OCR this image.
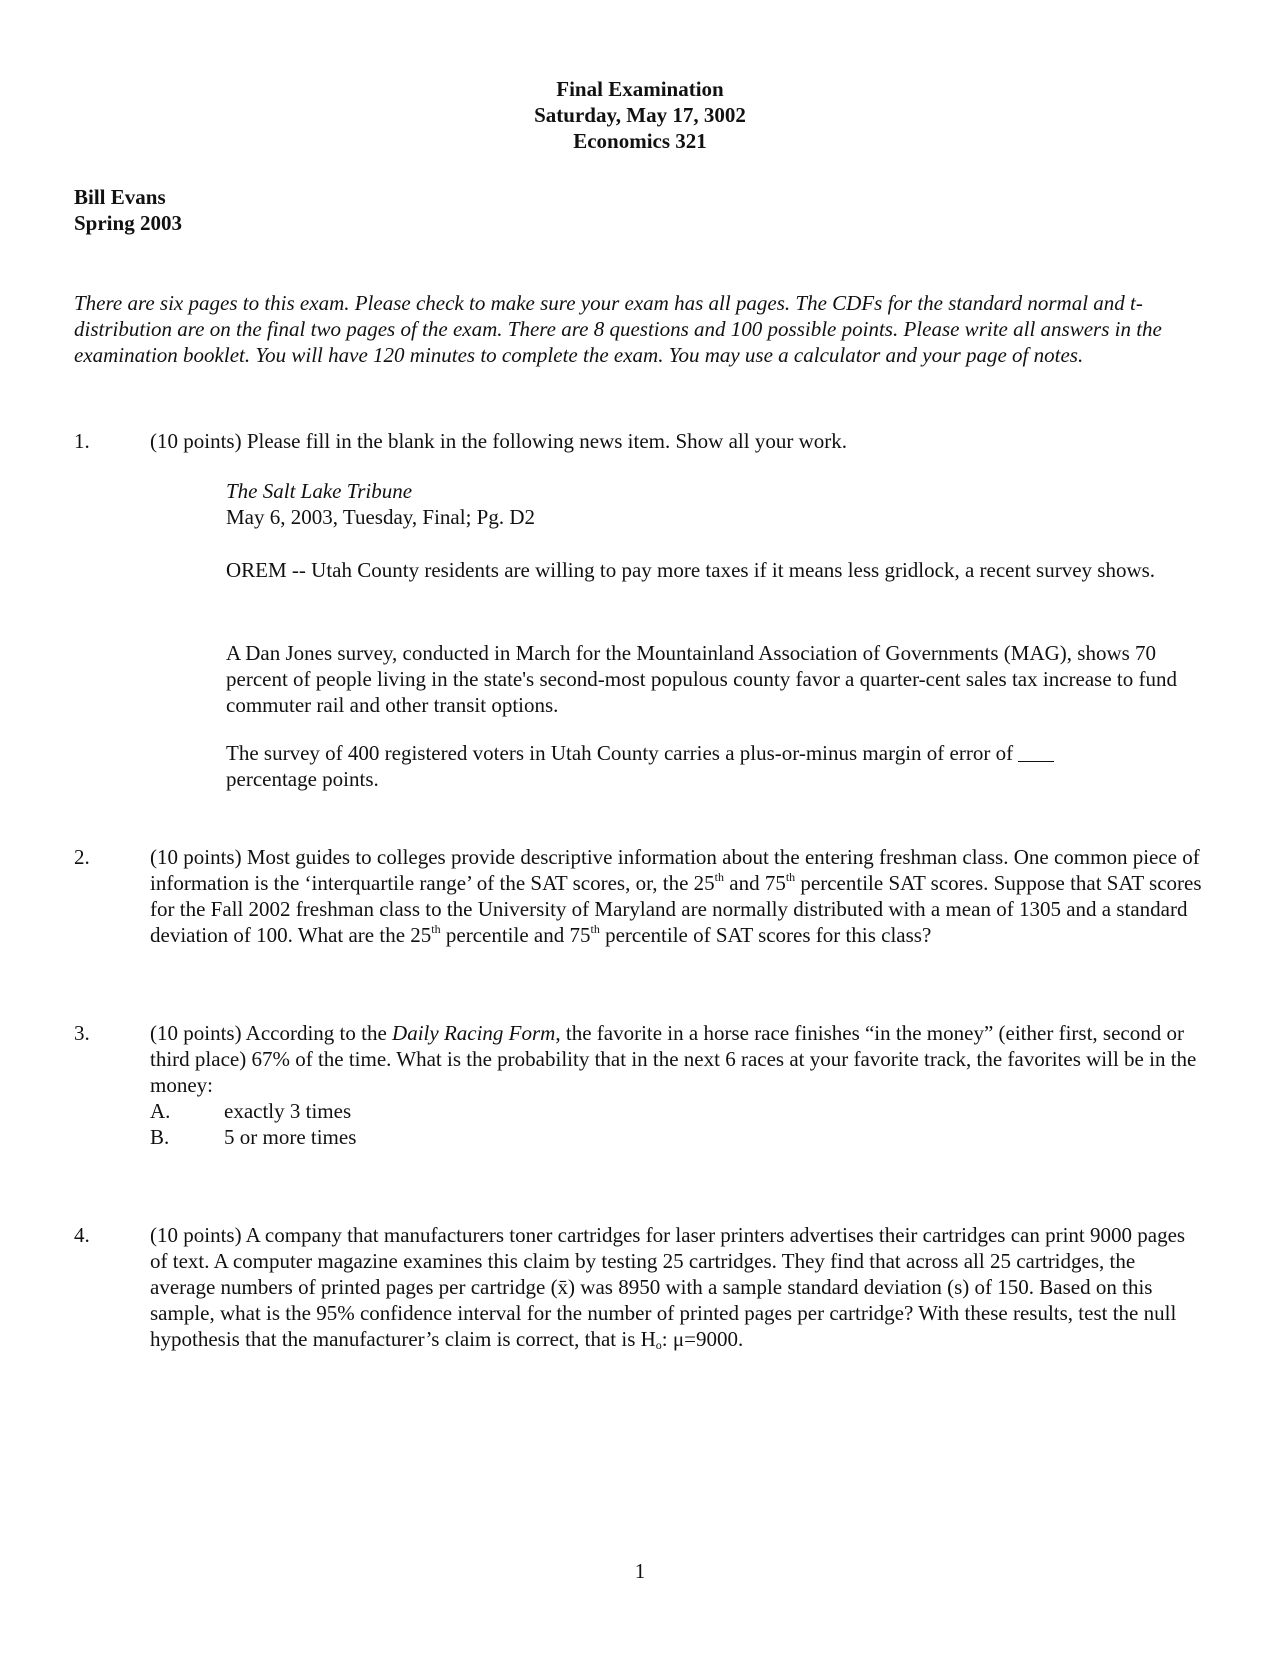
Final Examination
Saturday, May 17, 3002
Economics 321
Bill Evans
Spring 2003
There are six pages to this exam. Please check to make sure your exam has all pages. The CDFs for the standard normal and t-distribution are on the final two pages of the exam. There are 8 questions and 100 possible points. Please write all answers in the examination booklet. You will have 120 minutes to complete the exam. You may use a calculator and your page of notes.
1.	(10 points) Please fill in the blank in the following news item. Show all your work.

The Salt Lake Tribune

May 6, 2003, Tuesday, Final; Pg. D2

OREM -- Utah County residents are willing to pay more taxes if it means less gridlock, a recent survey shows.

A Dan Jones survey, conducted in March for the Mountainland Association of Governments (MAG), shows 70 percent of people living in the state's second-most populous county favor a quarter-cent sales tax increase to fund commuter rail and other transit options.

The survey of 400 registered voters in Utah County carries a plus-or-minus margin of error of
percentage points.

2.	(10 points) Most guides to colleges provide descriptive information about the entering freshman class. One common piece of information is the ‘interquartile range’ of the SAT scores, or, the 25th and 75th percentile SAT scores. Suppose that SAT scores for the Fall 2002 freshman class to the University of Maryland are normally distributed with a mean of 1305 and a standard deviation of 100. What are the 25th percentile and 75th percentile of SAT scores for this class?
3.	(10 points) According to the Daily Racing Form, the favorite in a horse race finishes “in the money” (either first, second or third place) 67% of the time. What is the probability that in the next 6 races at your favorite track, the favorites will be in the money:
A.	exactly 3 times
B.	5 or more times
4.	(10 points) A company that manufacturers toner cartridges for laser printers advertises their cartridges can print 9000 pages of text. A computer magazine examines this claim by testing 25 cartridges. They find that across all 25 cartridges, the average numbers of printed pages per cartridge (x̄) was 8950 with a sample standard deviation (s) of 150. Based on this sample, what is the 95% confidence interval for the number of printed pages per cartridge? With these results, test the null hypothesis that the manufacturer’s claim is correct, that is $H_o$: μ=9000.
1
